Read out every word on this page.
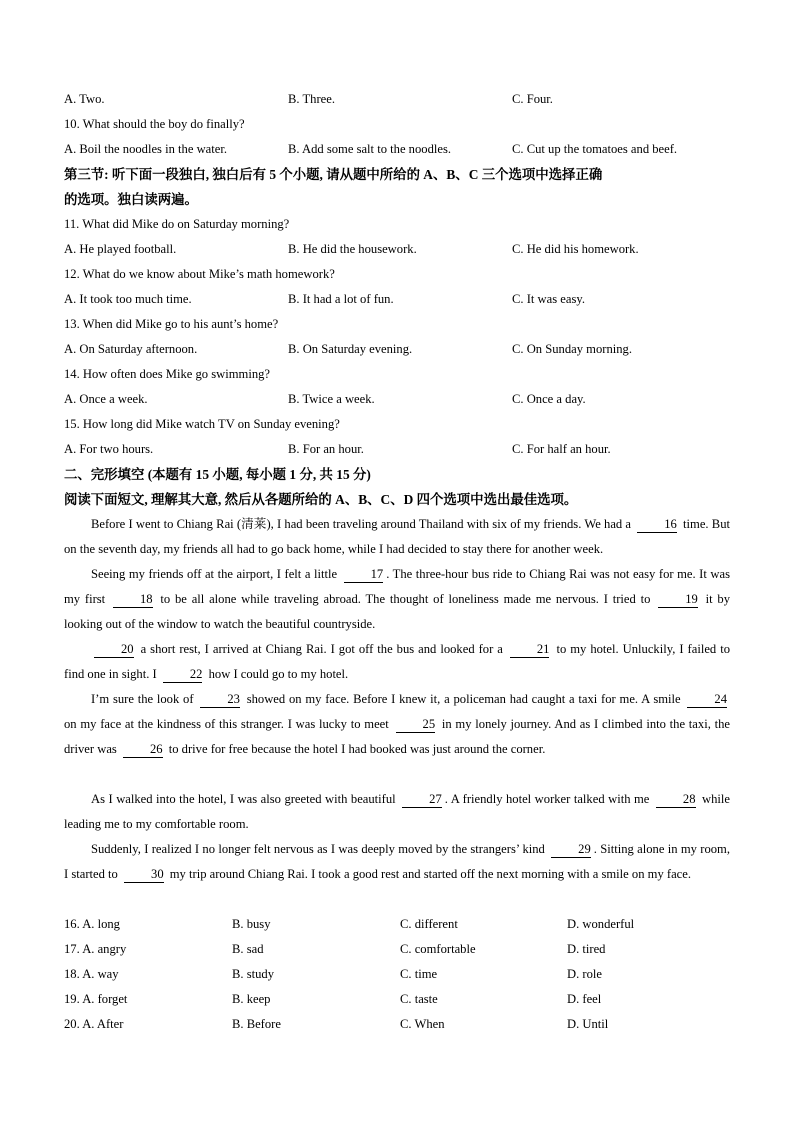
A. Two.	B. Three.	C. Four.
10. What should the boy do finally?
A. Boil the noodles in the water.	B. Add some salt to the noodles.	C. Cut up the tomatoes and beef.
第三节: 听下面一段独白, 独白后有 5 个小题, 请从题中所给的 A、B、C 三个选项中选择正确
的选项。独白读两遍。
11. What did Mike do on Saturday morning?
A. He played football.	B. He did the housework.	C. He did his homework.
12. What do we know about Mike’s math homework?
A. It took too much time.	B. It had a lot of fun.	C. It was easy.
13. When did Mike go to his aunt’s home?
A. On Saturday afternoon.	B. On Saturday evening.	C. On Sunday morning.
14. How often does Mike go swimming?
A. Once a week.	B. Twice a week.	C. Once a day.
15. How long did Mike watch TV on Sunday evening?
A. For two hours.	B. For an hour.	C. For half an hour.
二、完形填空 (本题有 15 小题, 每小题 1 分, 共 15 分)
阅读下面短文, 理解其大意, 然后从各题所给的 A、B、C、D 四个选项中选出最佳选项。
Before I went to Chiang Rai (清莱), I had been traveling around Thailand with six of my friends. We had a	16 time. But on the seventh day, my friends all had to go back home, while I had decided to stay there for another week.
Seeing my friends off at the airport, I felt a little	17 . The three-hour bus ride to Chiang Rai was not easy for me. It was my first	18 to be all alone while traveling abroad. The thought of loneliness made me nervous. I tried to	19 it by looking out of the window to watch the beautiful countryside.
20 a short rest, I arrived at Chiang Rai. I got off the bus and looked for a	21 to my hotel. Unluckily, I failed to find one in sight. I	22 how I could go to my hotel.
I’m sure the look of	23 showed on my face. Before I knew it, a policeman had caught a taxi for me. A smile	24 on my face at the kindness of this stranger. I was lucky to meet	25 in my lonely journey. And as I climbed into the taxi, the driver was	26 to drive for free because the hotel I had booked was just around the corner.
As I walked into the hotel, I was also greeted with beautiful	27 . A friendly hotel worker talked with me	28 while leading me to my comfortable room.
Suddenly, I realized I no longer felt nervous as I was deeply moved by the strangers’ kind	29 . Sitting alone in my room, I started to	30 my trip around Chiang Rai. I took a good rest and started off the next morning with a smile on my face.
16. A. long	B. busy	C. different	D. wonderful
17. A. angry	B. sad	C. comfortable	D. tired
18. A. way	B. study	C. time	D. role
19. A. forget	B. keep	C. taste	D. feel
20. A. After	B. Before	C. When	D. Until
